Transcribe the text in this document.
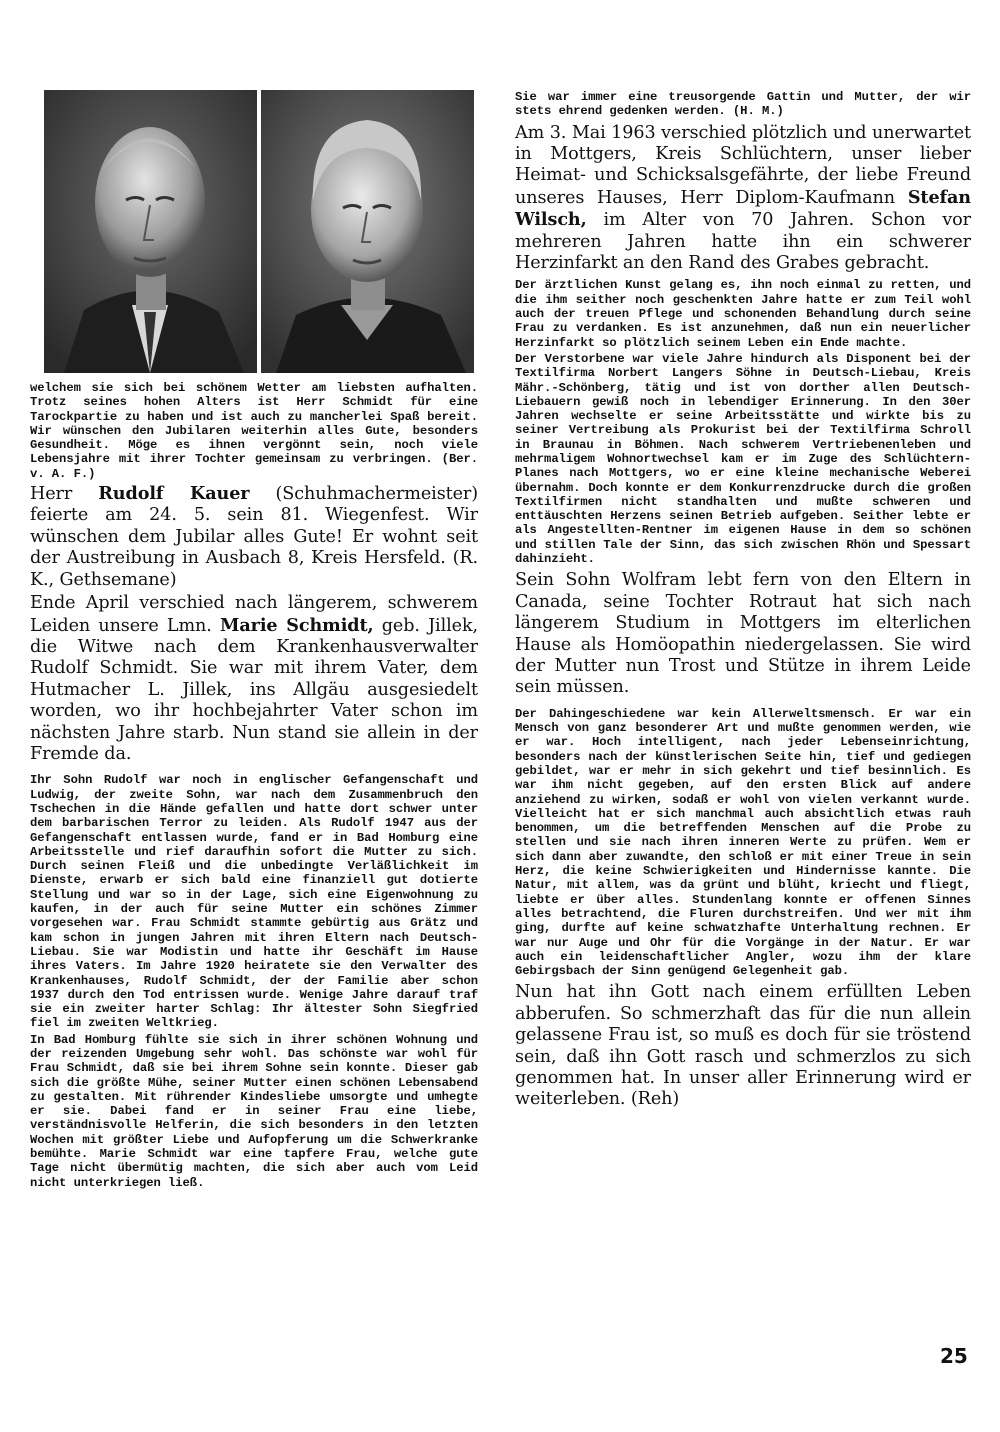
welchem sie sich bei schönem Wetter am liebsten aufhalten. Trotz seines hohen Alters ist Herr Schmidt für eine Tarockpartie zu haben und ist auch zu mancherlei Spaß bereit. Wir wünschen den Jubilaren weiterhin alles Gute, besonders Gesundheit. Möge es ihnen vergönnt sein, noch viele Lebensjahre mit ihrer Tochter gemeinsam zu verbringen. (Ber. v. A. F.)

Herr Rudolf Kauer (Schuhmachermeister) feierte am 24. 5. sein 81. Wiegenfest. Wir wünschen dem Jubilar alles Gute! Er wohnt seit der Austreibung in Ausbach 8, Kreis Hersfeld. (R. K., Gethsemane)

Ende April verschied nach längerem, schwerem Leiden unsere Lmn. Marie Schmidt, geb. Jillek, die Witwe nach dem Krankenhausverwalter Rudolf Schmidt. Sie war mit ihrem Vater, dem Hutmacher L. Jillek, ins Allgäu ausgesiedelt worden, wo ihr hochbejahrter Vater schon im nächsten Jahre starb. Nun stand sie allein in der Fremde da.

Ihr Sohn Rudolf war noch in englischer Gefangenschaft und Ludwig, der zweite Sohn, war nach dem Zusammenbruch den Tschechen in die Hände gefallen und hatte dort schwer unter dem barbarischen Terror zu leiden. Als Rudolf 1947 aus der Gefangenschaft entlassen wurde, fand er in Bad Homburg eine Arbeitsstelle und rief daraufhin sofort die Mutter zu sich. Durch seinen Fleiß und die unbedingte Verläßlichkeit im Dienste, erwarb er sich bald eine finanziell gut dotierte Stellung und war so in der Lage, sich eine Eigenwohnung zu kaufen, in der auch für seine Mutter ein schönes Zimmer vorgesehen war. Frau Schmidt stammte gebürtig aus Grätz und kam schon in jungen Jahren mit ihren Eltern nach Deutsch-Liebau. Sie war Modistin und hatte ihr Geschäft im Hause ihres Vaters. Im Jahre 1920 heiratete sie den Verwalter des Krankenhauses, Rudolf Schmidt, der der Familie aber schon 1937 durch den Tod entrissen wurde. Wenige Jahre darauf traf sie ein zweiter harter Schlag: Ihr ältester Sohn Siegfried fiel im zweiten Weltkrieg.

In Bad Homburg fühlte sie sich in ihrer schönen Wohnung und der reizenden Umgebung sehr wohl. Das schönste war wohl für Frau Schmidt, daß sie bei ihrem Sohne sein konnte. Dieser gab sich die größte Mühe, seiner Mutter einen schönen Lebensabend zu gestalten. Mit rührender Kindesliebe umsorgte und umhegte er sie. Dabei fand er in seiner Frau eine liebe, verständnisvolle Helferin, die sich besonders in den letzten Wochen mit größter Liebe und Aufopferung um die Schwerkranke bemühte. Marie Schmidt war eine tapfere Frau, welche gute Tage nicht übermütig machten, die sich aber auch vom Leid nicht unterkriegen ließ.

Sie war immer eine treusorgende Gattin und Mutter, der wir stets ehrend gedenken werden. (H. M.)

Am 3. Mai 1963 verschied plötzlich und unerwartet in Mottgers, Kreis Schlüchtern, unser lieber Heimat- und Schicksalsgefährte, der liebe Freund unseres Hauses, Herr Diplom-Kaufmann Stefan Wilsch, im Alter von 70 Jahren. Schon vor mehreren Jahren hatte ihn ein schwerer Herzinfarkt an den Rand des Grabes gebracht.

Der ärztlichen Kunst gelang es, ihn noch einmal zu retten, und die ihm seither noch geschenkten Jahre hatte er zum Teil wohl auch der treuen Pflege und schonenden Behandlung durch seine Frau zu verdanken. Es ist anzunehmen, daß nun ein neuerlicher Herzinfarkt so plötzlich seinem Leben ein Ende machte.

Der Verstorbene war viele Jahre hindurch als Disponent bei der Textilfirma Norbert Langers Söhne in Deutsch-Liebau, Kreis Mähr.-Schönberg, tätig und ist von dorther allen Deutsch-Liebauern gewiß noch in lebendiger Erinnerung. In den 30er Jahren wechselte er seine Arbeitsstätte und wirkte bis zu seiner Vertreibung als Prokurist bei der Textilfirma Schroll in Braunau in Böhmen. Nach schwerem Vertriebenenleben und mehrmaligem Wohnortwechsel kam er im Zuge des Schlüchtern-Planes nach Mottgers, wo er eine kleine mechanische Weberei übernahm. Doch konnte er dem Konkurrenzdrucke durch die großen Textilfirmen nicht standhalten und mußte schweren und enttäuschten Herzens seinen Betrieb aufgeben. Seither lebte er als Angestellten-Rentner im eigenen Hause in dem so schönen und stillen Tale der Sinn, das sich zwischen Rhön und Spessart dahinzieht.

Sein Sohn Wolfram lebt fern von den Eltern in Canada, seine Tochter Rotraut hat sich nach längerem Studium in Mottgers im elterlichen Hause als Homöopathin niedergelassen. Sie wird der Mutter nun Trost und Stütze in ihrem Leide sein müssen.

Der Dahingeschiedene war kein Allerweltsmensch. Er war ein Mensch von ganz besonderer Art und mußte genommen werden, wie er war. Hoch intelligent, nach jeder Lebenseinrichtung, besonders nach der künstlerischen Seite hin, tief und gediegen gebildet, war er mehr in sich gekehrt und tief besinnlich. Es war ihm nicht gegeben, auf den ersten Blick auf andere anziehend zu wirken, sodaß er wohl von vielen verkannt wurde. Vielleicht hat er sich manchmal auch absichtlich etwas rauh benommen, um die betreffenden Menschen auf die Probe zu stellen und sie nach ihren inneren Werte zu prüfen. Wem er sich dann aber zuwandte, den schloß er mit einer Treue in sein Herz, die keine Schwierigkeiten und Hindernisse kannte. Die Natur, mit allem, was da grünt und blüht, kriecht und fliegt, liebte er über alles. Stundenlang konnte er offenen Sinnes alles betrachtend, die Fluren durchstreifen. Und wer mit ihm ging, durfte auf keine schwatzhafte Unterhaltung rechnen. Er war nur Auge und Ohr für die Vorgänge in der Natur. Er war auch ein leidenschaftlicher Angler, wozu ihm der klare Gebirgsbach der Sinn genügend Gelegenheit gab.

Nun hat ihn Gott nach einem erfüllten Leben abberufen. So schmerzhaft das für die nun allein gelassene Frau ist, so muß es doch für sie tröstend sein, daß ihn Gott rasch und schmerzlos zu sich genommen hat. In unser aller Erinnerung wird er weiterleben. (Reh)

25
